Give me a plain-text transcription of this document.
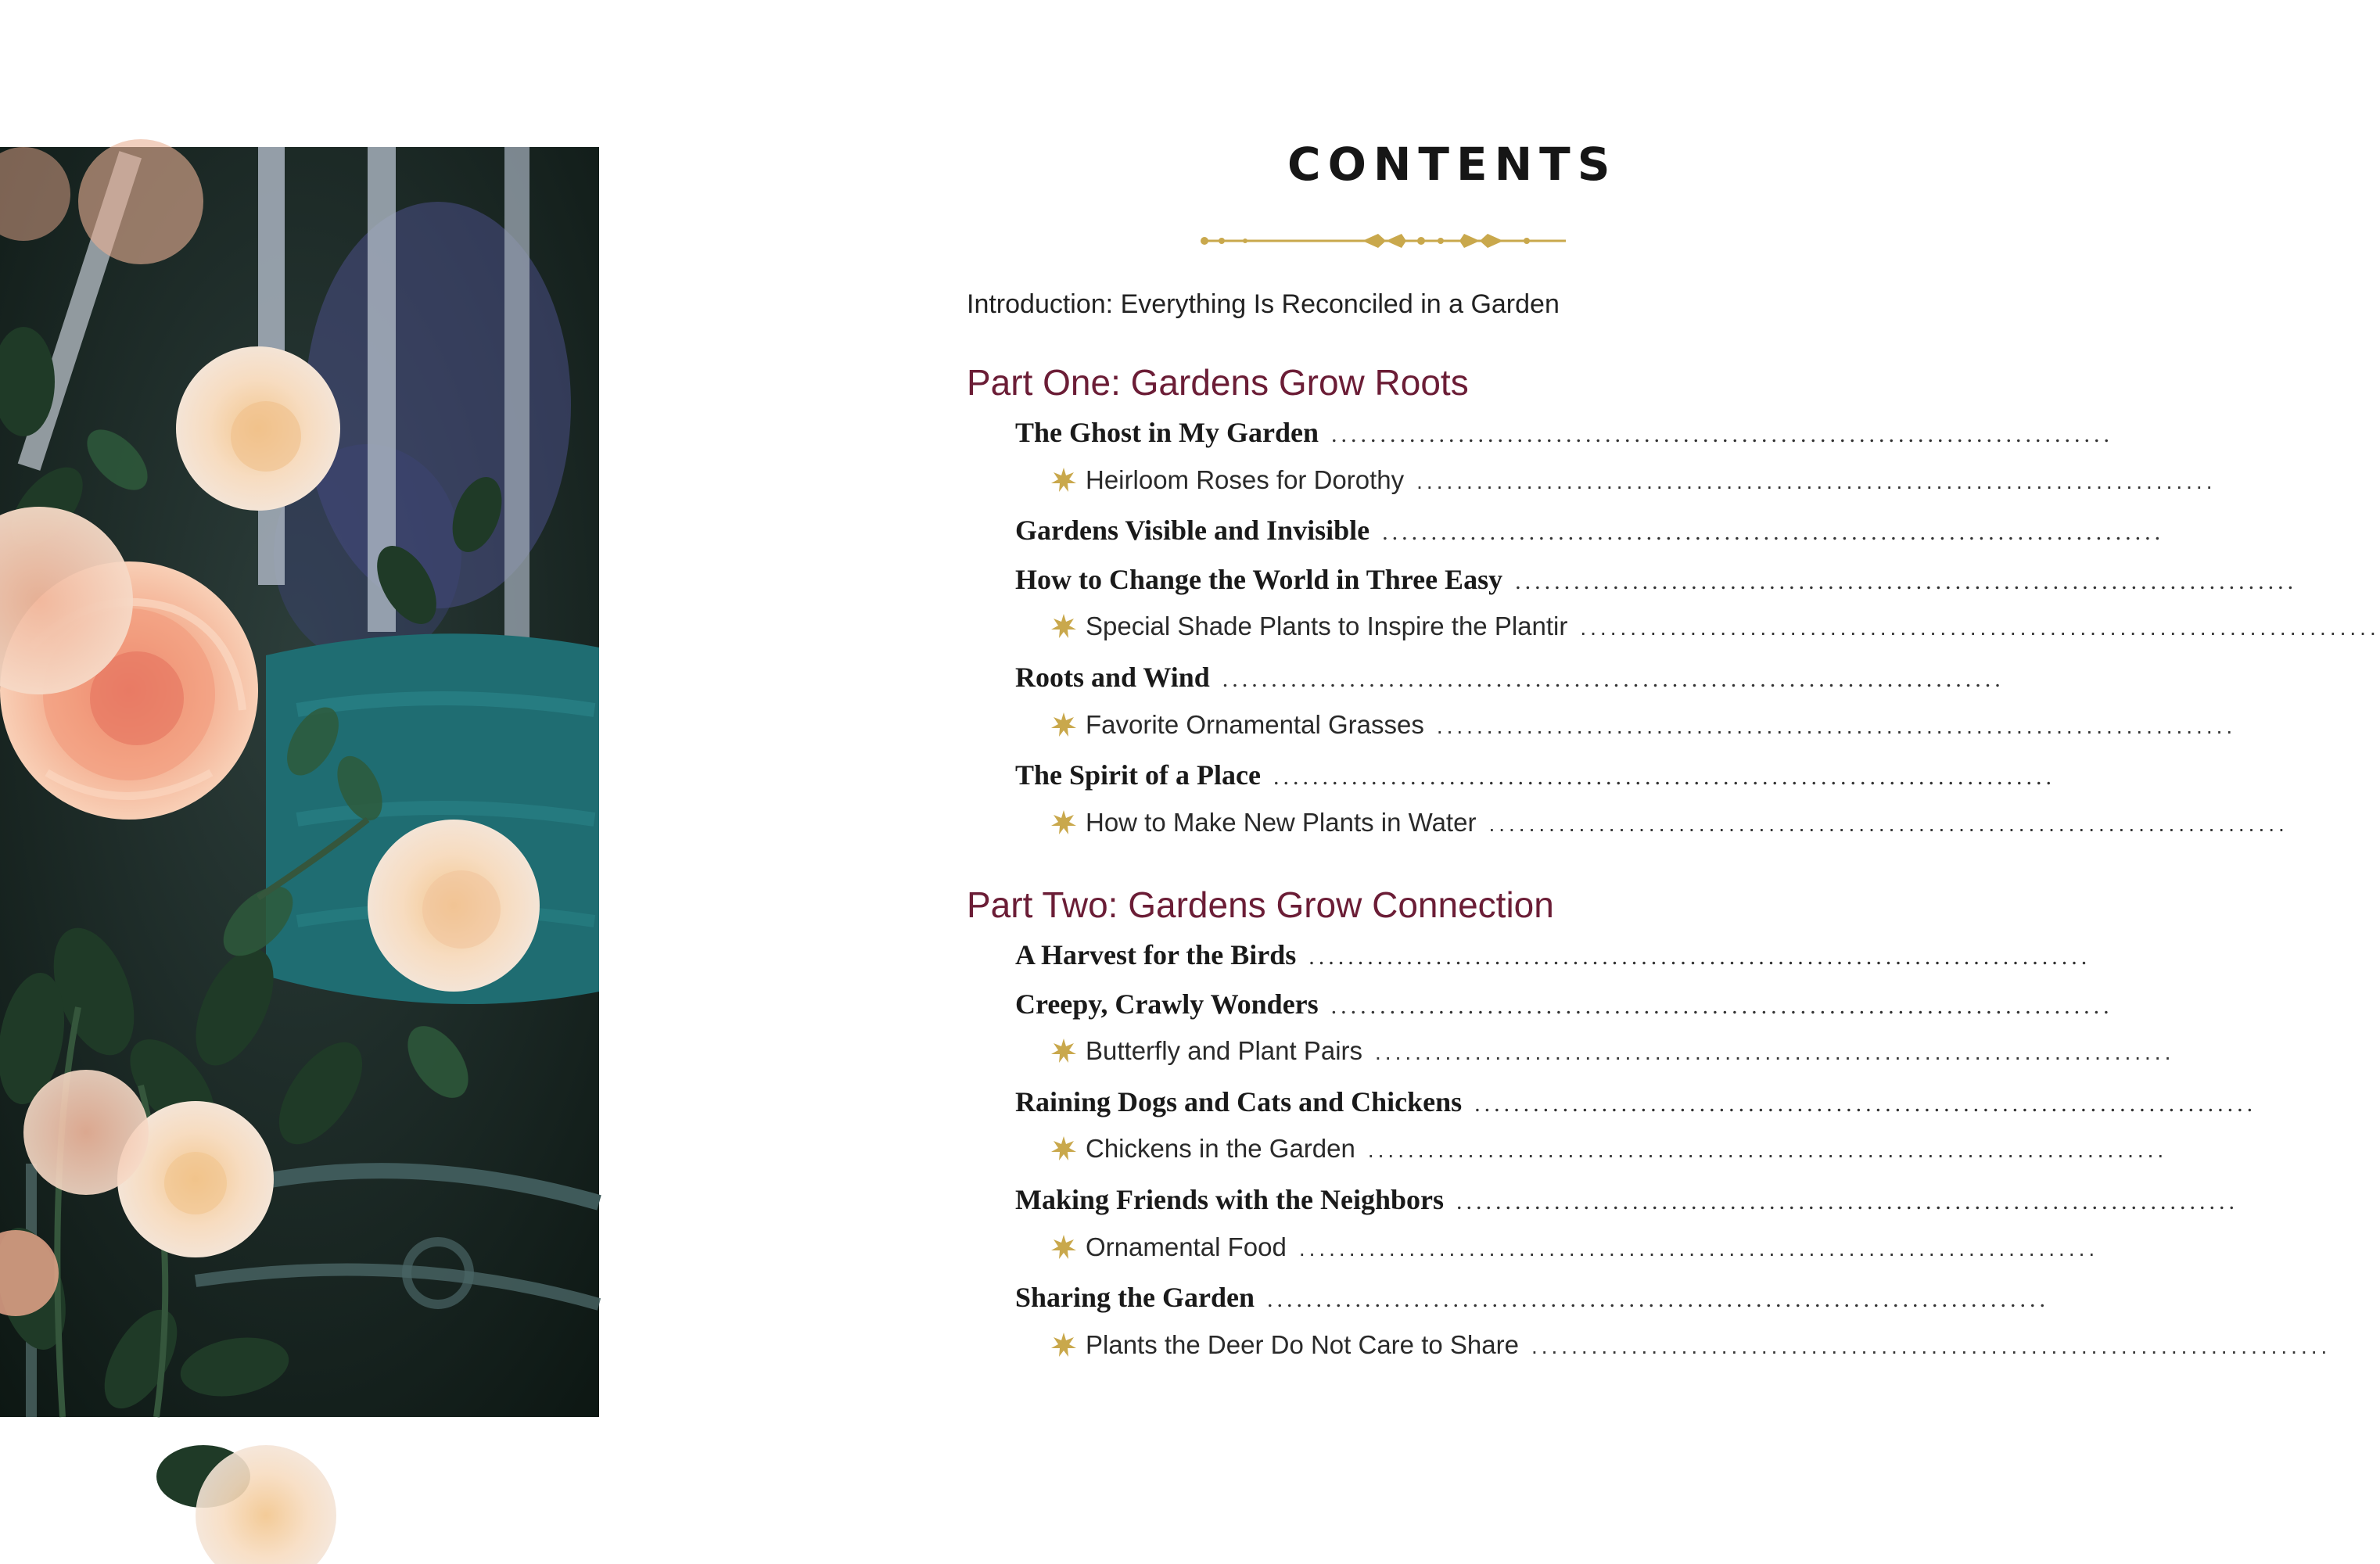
CONTENTS
Introduction: Everything Is Reconciled in a Garden
Part One: Gardens Grow Roots
The Ghost in My Garden ................................................................................
Heirloom Roses for Dorothy ................................................................................
Gardens Visible and Invisible ................................................................................
How to Change the World in Three Easy ................................................................................
Special Shade Plants to Inspire the Plantir ................................................................................
Roots and Wind ................................................................................
Favorite Ornamental Grasses ................................................................................
The Spirit of a Place ................................................................................
How to Make New Plants in Water ................................................................................
Part Two: Gardens Grow Connection
A Harvest for the Birds ................................................................................
Creepy, Crawly Wonders ................................................................................
Butterfly and Plant Pairs ................................................................................
Raining Dogs and Cats and Chickens ................................................................................
Chickens in the Garden ................................................................................
Making Friends with the Neighbors ................................................................................
Ornamental Food ................................................................................
Sharing the Garden ................................................................................
Plants the Deer Do Not Care to Share ................................................................................
